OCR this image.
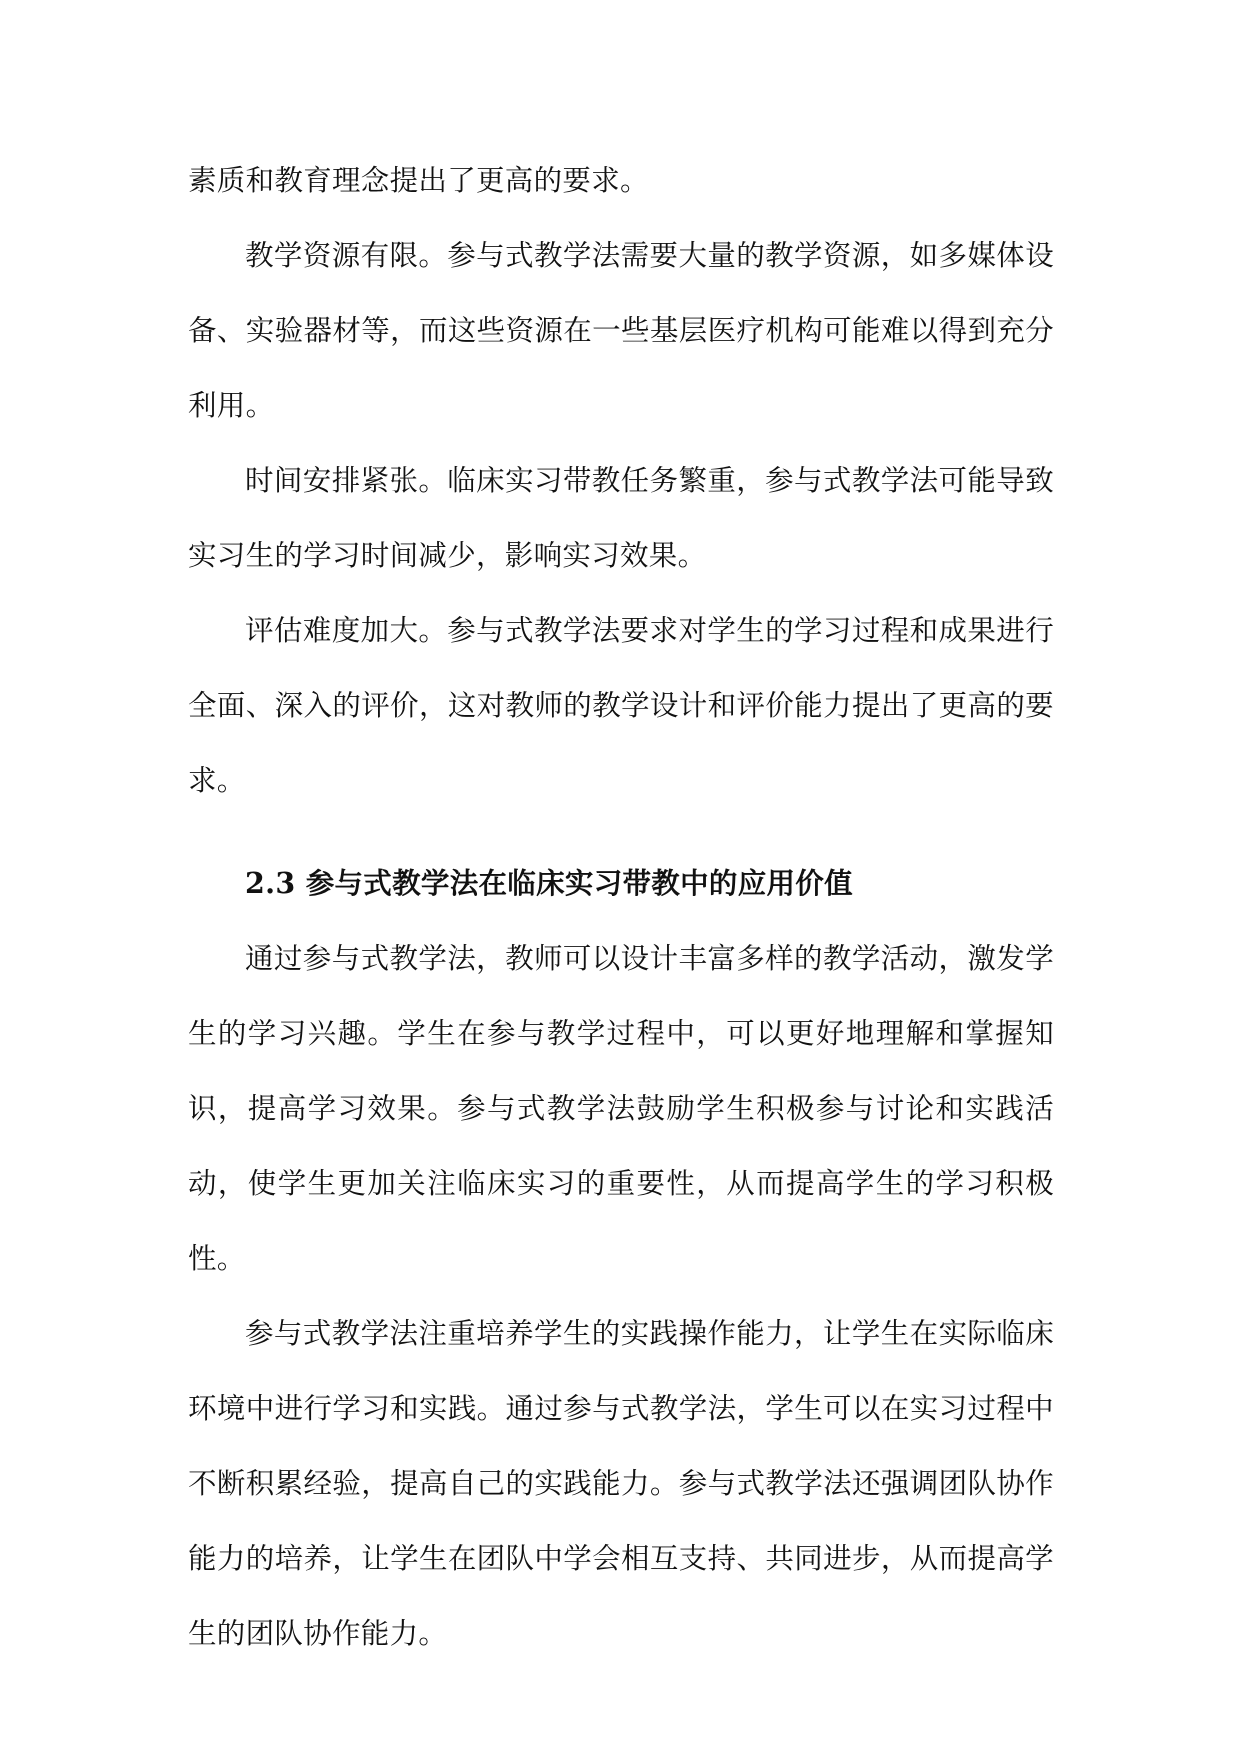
素质和教育理念提出了更高的要求。

教学资源有限。参与式教学法需要大量的教学资源，如多媒体设备、实验器材等，而这些资源在一些基层医疗机构可能难以得到充分利用。

时间安排紧张。临床实习带教任务繁重，参与式教学法可能导致实习生的学习时间减少，影响实习效果。

评估难度加大。参与式教学法要求对学生的学习过程和成果进行全面、深入的评价，这对教师的教学设计和评价能力提出了更高的要求。

2.3 参与式教学法在临床实习带教中的应用价值

通过参与式教学法，教师可以设计丰富多样的教学活动，激发学生的学习兴趣。学生在参与教学过程中，可以更好地理解和掌握知识，提高学习效果。参与式教学法鼓励学生积极参与讨论和实践活动，使学生更加关注临床实习的重要性，从而提高学生的学习积极性。

参与式教学法注重培养学生的实践操作能力，让学生在实际临床环境中进行学习和实践。通过参与式教学法，学生可以在实习过程中不断积累经验，提高自己的实践能力。参与式教学法还强调团队协作能力的培养，让学生在团队中学会相互支持、共同进步，从而提高学生的团队协作能力。
